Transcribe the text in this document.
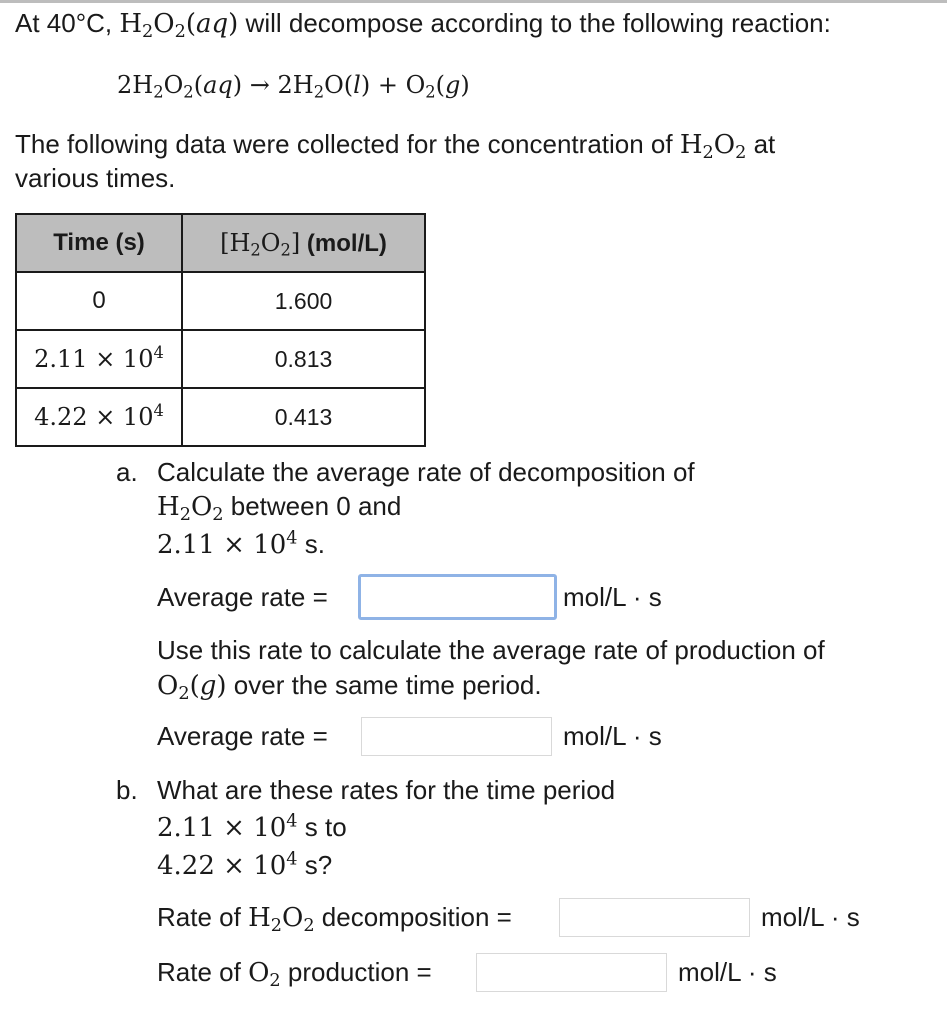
At 40°C, $H_2O_2(aq)$ will decompose according to the following reaction:
$2H_2O_2(aq) \to 2H_2O(l) + O_2(g)$
The following data were collected for the concentration of $H_2O_2$ at
various times.
Time (s)	$[H_2O_2]$ (mol/L)
0	1.600
$2.11 \times 10^4$	0.813
$4.22 \times 10^4$	0.413
a. Calculate the average rate of decomposition of
$H_2O_2$ between 0 and
$2.11 \times 10^4$ s.
Average rate =	mol/L · s
Use this rate to calculate the average rate of production of
$O_2(g)$ over the same time period.
Average rate =	mol/L · s
b. What are these rates for the time period
$2.11 \times 10^4$ s to
$4.22 \times 10^4$ s?
Rate of $H_2O_2$ decomposition =	mol/L · s
Rate of $O_2$ production =	mol/L · s
